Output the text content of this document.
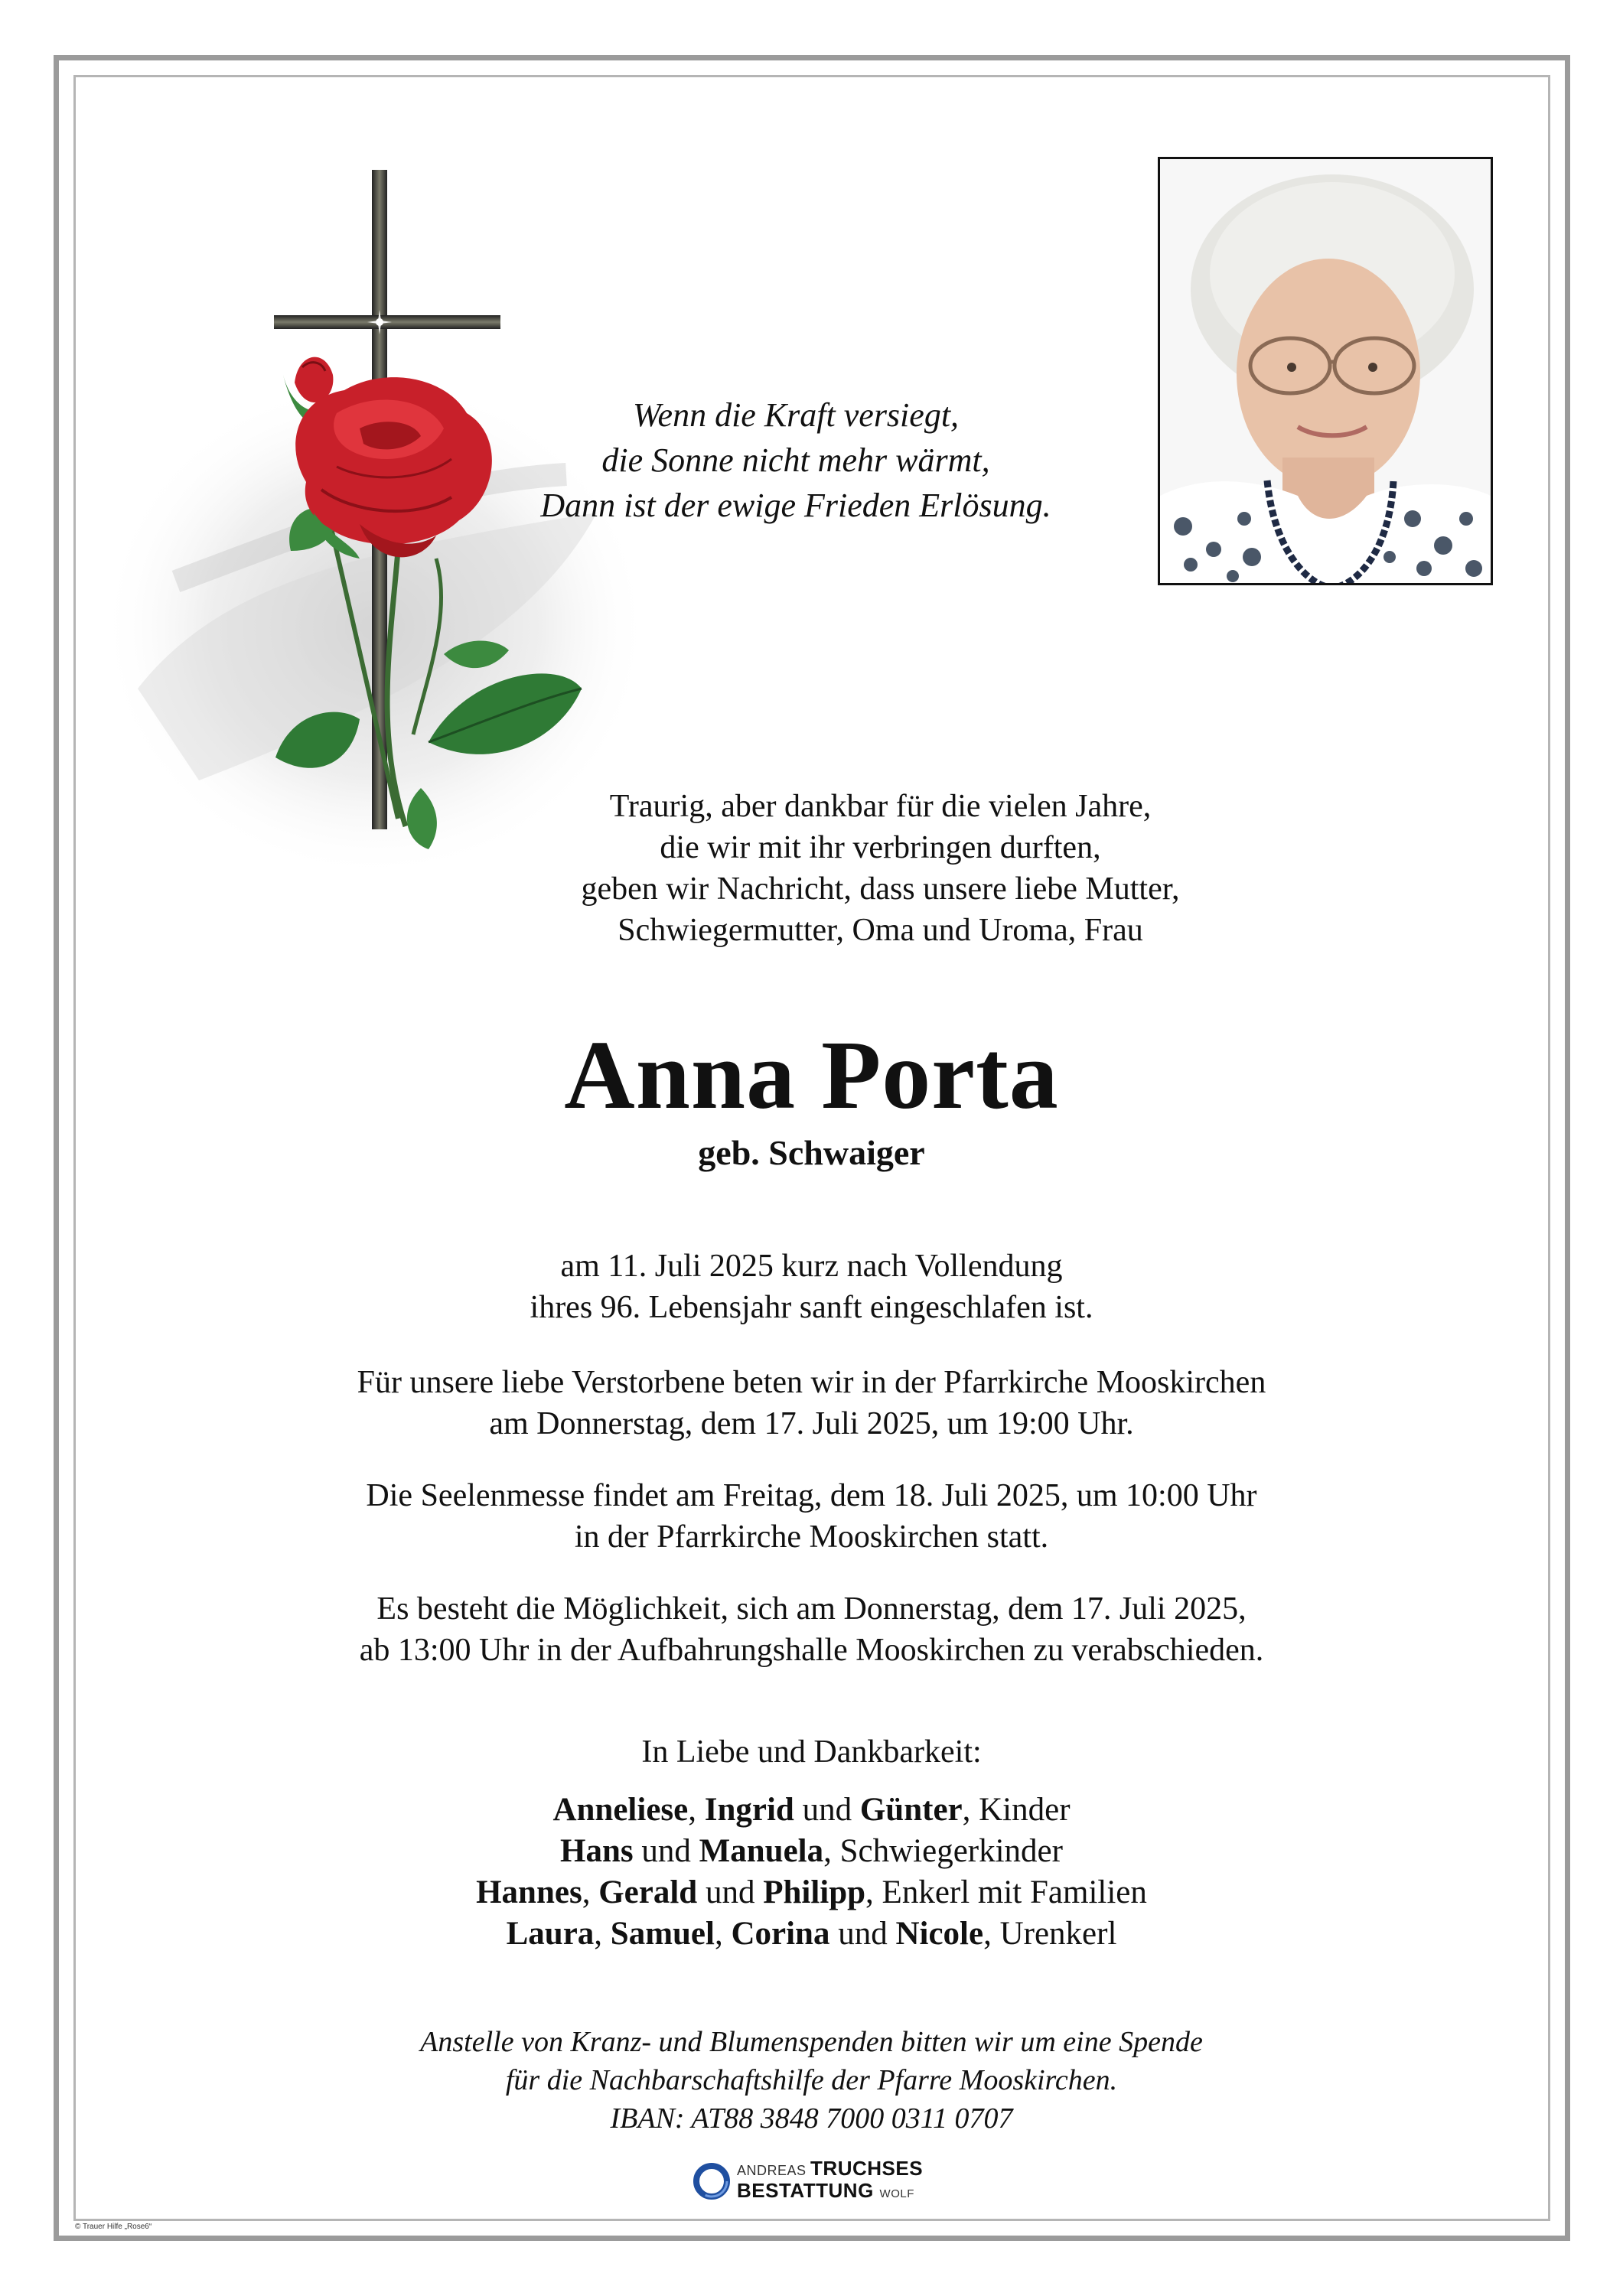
Wenn die Kraft versiegt,
die Sonne nicht mehr wärmt,
Dann ist der ewige Frieden Erlösung.
Traurig, aber dankbar für die vielen Jahre,
die wir mit ihr verbringen durften,
geben wir Nachricht, dass unsere liebe Mutter,
Schwiegermutter, Oma und Uroma, Frau
Anna Porta
geb. Schwaiger
am 11. Juli 2025 kurz nach Vollendung
ihres 96. Lebensjahr sanft eingeschlafen ist.
Für unsere liebe Verstorbene beten wir in der Pfarrkirche Mooskirchen
am Donnerstag, dem 17. Juli 2025, um 19:00 Uhr.
Die Seelenmesse findet am Freitag, dem 18. Juli 2025, um 10:00 Uhr
in der Pfarrkirche Mooskirchen statt.
Es besteht die Möglichkeit, sich am Donnerstag, dem 17. Juli 2025,
ab 13:00 Uhr in der Aufbahrungshalle Mooskirchen zu verabschieden.
In Liebe und Dankbarkeit:
Anneliese, Ingrid und Günter, Kinder
Hans und Manuela, Schwiegerkinder
Hannes, Gerald und Philipp, Enkerl mit Familien
Laura, Samuel, Corina und Nicole, Urenkerl
Anstelle von Kranz- und Blumenspenden bitten wir um eine Spende
für die Nachbarschaftshilfe der Pfarre Mooskirchen.
IBAN: AT88 3848 7000 0311 0707
ANDREAS TRUCHSES
BESTATTUNG WOLF
© Trauer Hilfe „Rose6“
